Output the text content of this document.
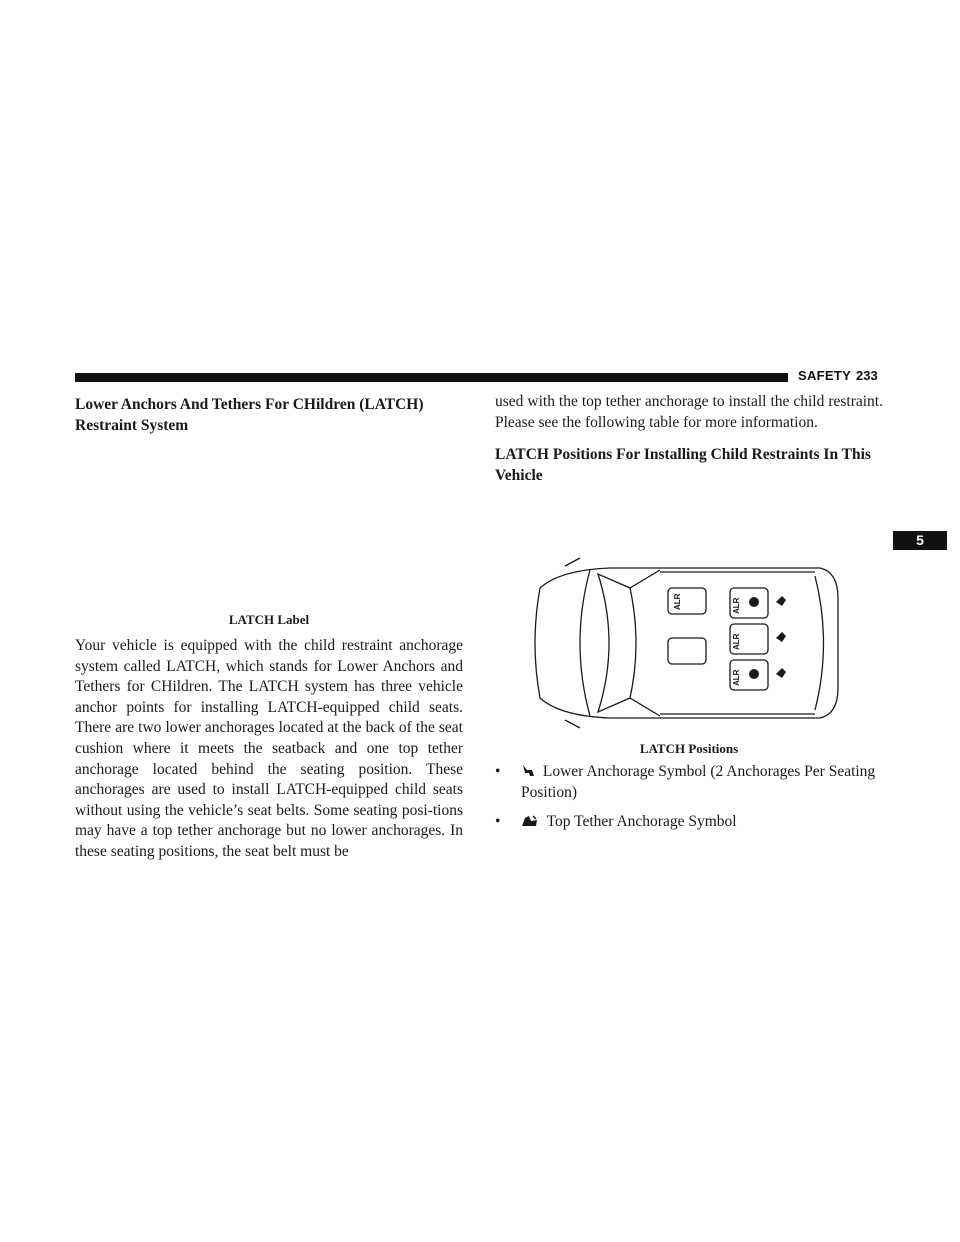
SAFETY 233
5
Lower Anchors And Tethers For CHildren (LATCH) Restraint System

LATCH Label

Your vehicle is equipped with the child restraint anchorage system called LATCH, which stands for Lower Anchors and Tethers for CHildren. The LATCH system has three vehicle anchor points for installing LATCH-equipped child seats. There are two lower anchorages located at the back of the seat cushion where it meets the seatback and one top tether anchorage located behind the seating position. These anchorages are used to install LATCH-equipped child seats without using the vehicle’s seat belts. Some seating posi-tions may have a top tether anchorage but no lower anchorages. In these seating positions, the seat belt must be

used with the top tether anchorage to install the child restraint. Please see the following table for more information.

LATCH Positions For Installing Child Restraints In This Vehicle
ALR	ALR
ALR
ALR

LATCH Positions

•	Lower Anchorage Symbol (2 Anchorages Per Seating Position)
•	Top Tether Anchorage Symbol
